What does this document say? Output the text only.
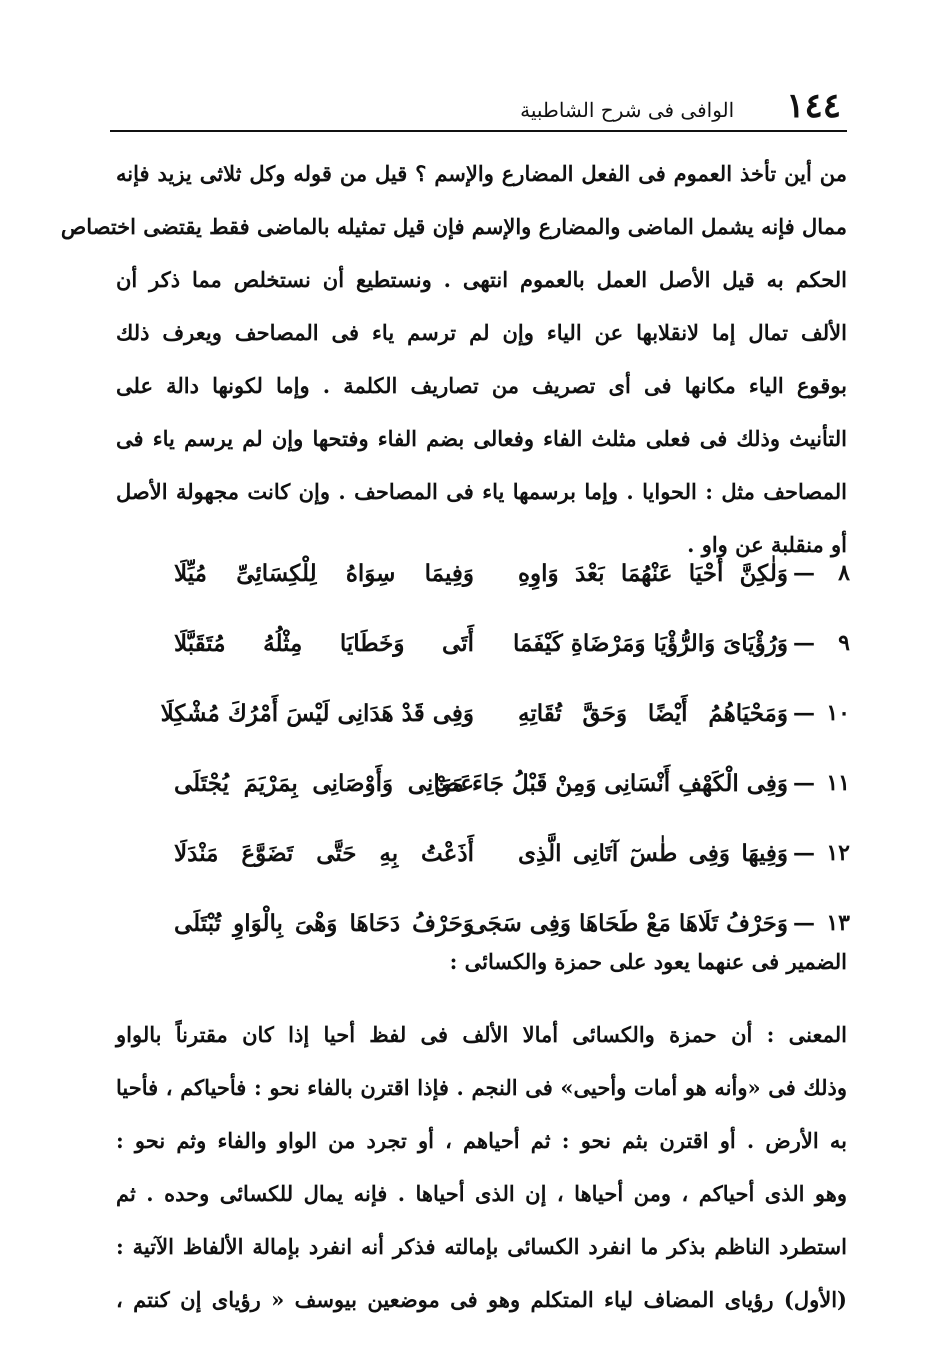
١٤٤
الوافى فى شرح الشاطبية
من أين تأخذ العموم فى الفعل المضارع والإسم ؟ قيل من قوله وكل ثلاثى يزيد فإنه
ممال فإنه يشمل الماضى والمضارع والإسم فإن قيل تمثيله بالماضى فقط يقتضى اختصاص
الحكم به قيل الأصل العمل بالعموم انتهى . ونستطيع أن نستخلص مما ذكر أن
الألف تمال إما لانقلابها عن الياء وإن لم ترسم ياء فى المصاحف ويعرف ذلك
بوقوع الياء مكانها فى أى تصريف من تصاريف الكلمة . وإما لكونها دالة على
التأنيث وذلك فى فعلى مثلث الفاء وفعالى بضم الفاء وفتحها وإن لم يرسم ياء فى
المصاحف مثل : الحوايا . وإما برسمها ياء فى المصاحف . وإن كانت مجهولة الأصل
أو منقلبة عن واو .
٨
—
وَلٰكِنَّ أَحْيَا عَنْهُمَا بَعْدَ وَاوِهِ
وَفِيمَا سِوَاهُ لِلْكِسَائِىِّ مُيِّلَا
٩
—
وَرُؤْيَاىَ وَالرُّؤْيَا وَمَرْضَاةِ كَيْفَمَا
أَتَى وَخَطَايَا مِثْلُهُ مُتَقَبَّلَا
١٠
—
وَمَحْيَاهُمُ أَيْضًا وَحَقَّ تُقَاتِهِ
وَفِى قَدْ هَدَانِى لَيْسَ أَمْرُكَ مُشْكِلَا
١١
—
وَفِى الْكَهْفِ أَنْسَانِى وَمِنْ قَبْلُ جَاءَ مَنْ
عَصَانِى وَأَوْصَانِى بِمَرْيَمَ يُجْتَلَى
١٢
—
وَفِيهَا وَفِى طٰسٓ آتَانِى الَّذِى
أَذَعْتُ بِهِ حَتَّى تَضَوَّعَ مَنْدَلَا
١٣
—
وَحَرْفُ تَلَاهَا مَعْ طَحَاهَا وَفِى سَجَى
وَحَرْفُ دَحَاهَا وَهْىَ بِالْوَاوِ تُبْتَلَى
الضمير فى عنهما يعود على حمزة والكسائى :
المعنى : أن حمزة والكسائى أمالا الألف فى لفظ أحيا إذا كان مقترناً بالواو
وذلك فى «وأنه هو أمات وأحيى» فى النجم . فإذا اقترن بالفاء نحو : فأحياكم ، فأحيا
به الأرض . أو اقترن بثم نحو : ثم أحياهم ، أو تجرد من الواو والفاء وثم نحو :
وهو الذى أحياكم ، ومن أحياها ، إن الذى أحياها . فإنه يمال للكسائى وحده . ثم
استطرد الناظم بذكر ما انفرد الكسائى بإمالته فذكر أنه انفرد بإمالة الألفاظ الآتية :
(الأول) رؤياى المضاف لياء المتكلم وهو فى موضعين بيوسف « رؤياى إن كنتم ،
